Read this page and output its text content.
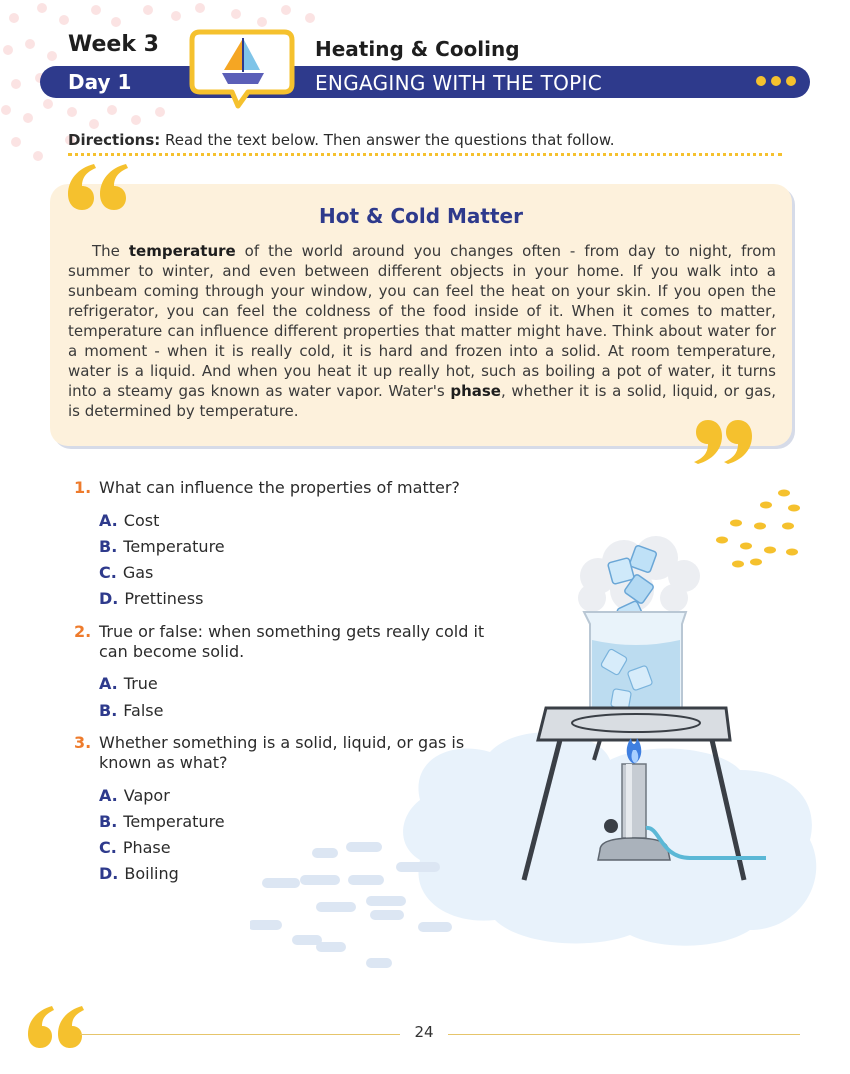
Week 3	Heating & Cooling
Day 1	ENGAGING WITH THE TOPIC
Directions: Read the text below. Then answer the questions that follow.
Hot & Cold Matter
The temperature of the world around you changes often - from day to night, from summer to winter, and even between different objects in your home. If you walk into a sunbeam coming through your window, you can feel the heat on your skin. If you open the refrigerator, you can feel the coldness of the food inside of it. When it comes to matter, temperature can influence different properties that matter might have. Think about water for a moment - when it is really cold, it is hard and frozen into a solid. At room temperature, water is a liquid. And when you heat it up really hot, such as boiling a pot of water, it turns into a steamy gas known as water vapor. Water's phase, whether it is a solid, liquid, or gas, is determined by temperature.
1. What can influence the properties of matter?
A. Cost
B. Temperature
C. Gas
D. Prettiness
2. True or false: when something gets really cold it can become solid.
A. True
B. False
3. Whether something is a solid, liquid, or gas is known as what?
A. Vapor
B. Temperature
C. Phase
D. Boiling
24
